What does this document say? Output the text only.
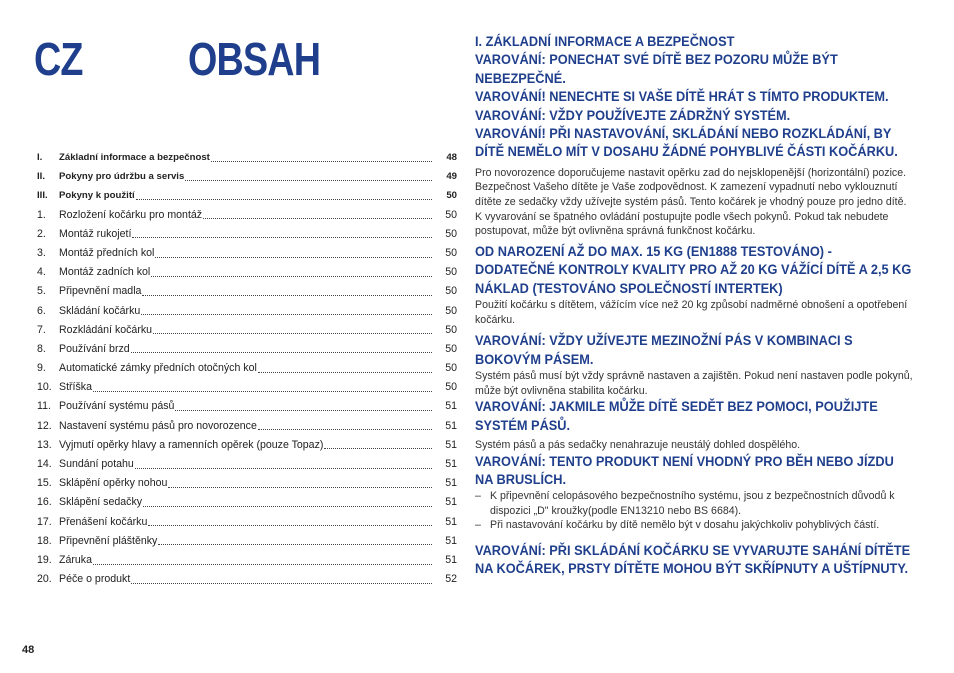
CZ OBSAH
I.	Základní informace a bezpečnost	48
II.	Pokyny pro údržbu a servis	49
III.	Pokyny k použití	50
1.	Rozložení kočárku pro montáž	50
2.	Montáž rukojetí	50
3.	Montáž předních kol	50
4.	Montáž zadních kol	50
5.	Připevnění madla	50
6.	Skládání kočárku	50
7.	Rozkládání kočárku	50
8.	Používání brzd	50
9.	Automatické zámky předních otočných kol	50
10. Stříška	50
11. Používání systému pásů	51
12. Nastavení systému pásů pro novorozence	51
13. Vyjmutí opěrky hlavy a ramenních opěrek (pouze Topaz)	51
14. Sundání potahu	51
15. Sklápění opěrky nohou	51
16. Sklápění sedačky	51
17. Přenášení kočárku	51
18. Připevnění pláštěnky	51
19. Záruka	51
20. Péče o produkt	52
48

I. ZÁKLADNÍ INFORMACE A BEZPEČNOST

VAROVÁNÍ: PONECHAT SVÉ DÍTĚ BEZ POZORU MŮŽE BÝT NEBEZPEČNÉ.

VAROVÁNÍ! NENECHTE SI VAŠE DÍTĚ HRÁT S TÍMTO PRODUKTEM.

VAROVÁNÍ: VŽDY POUŽÍVEJTE ZÁDRŽNÝ SYSTÉM.

VAROVÁNÍ! PŘI NASTAVOVÁNÍ, SKLÁDÁNÍ NEBO ROZKLÁDÁNÍ, BY DÍTĚ NEMĚLO MÍT V DOSAHU ŽÁDNÉ POHYBLIVÉ ČÁSTI KOČÁRKU.

Pro novorozence doporučujeme nastavit opěrku zad do nejsklopenější (horizontální) pozice. Bezpečnost Vašeho dítěte je Vaše zodpovědnost. K zamezení vypadnutí nebo vyklouznutí dítěte ze sedačky vždy užívejte systém pásů. Tento kočárek je vhodný pouze pro jedno dítě. K vyvarování se špatného ovládání postupujte podle všech pokynů. Pokud tak nebudete postupovat, může být ovlivněna správná funkčnost kočárku.

OD NAROZENÍ AŽ DO MAX. 15 KG (EN1888 TESTOVÁNO) - DODATEČNÉ KONTROLY KVALITY PRO AŽ 20 KG VÁŽÍCÍ DÍTĚ A 2,5 KG NÁKLAD (TESTOVÁNO SPOLEČNOSTÍ INTERTEK)

Použití kočárku s dítětem, vážícím více než 20 kg způsobí nadměrné obnošení a opotřebení kočárku.

VAROVÁNÍ: VŽDY UŽÍVEJTE MEZINOŽNÍ PÁS V KOMBINACI S BOKOVÝM PÁSEM.

Systém pásů musí být vždy správně nastaven a zajištěn. Pokud není nastaven podle pokynů, může být ovlivněna stabilita kočárku.

VAROVÁNÍ: JAKMILE MŮŽE DÍTĚ SEDĚT BEZ POMOCI, POUŽIJTE SYSTÉM PÁSŮ.

Systém pásů a pás sedačky nenahrazuje neustálý dohled dospělého.

VAROVÁNÍ: TENTO PRODUKT NENÍ VHODNÝ PRO BĚH NEBO JÍZDU NA BRUSLÍCH.

– K připevnění celopásového bezpečnostního systému, jsou z bezpečnostních důvodů k dispozici „D" kroužky(podle EN13210 nebo BS 6684).
– Při nastavování kočárku by dítě nemělo být v dosahu jakýchkoliv pohyblivých částí.

VAROVÁNÍ: PŘI SKLÁDÁNÍ KOČÁRKU SE VYVARUJTE SAHÁNÍ DÍTĚTE NA KOČÁREK, PRSTY DÍTĚTE MOHOU BÝT SKŘÍPNUTY A UŠTÍPNUTY.
